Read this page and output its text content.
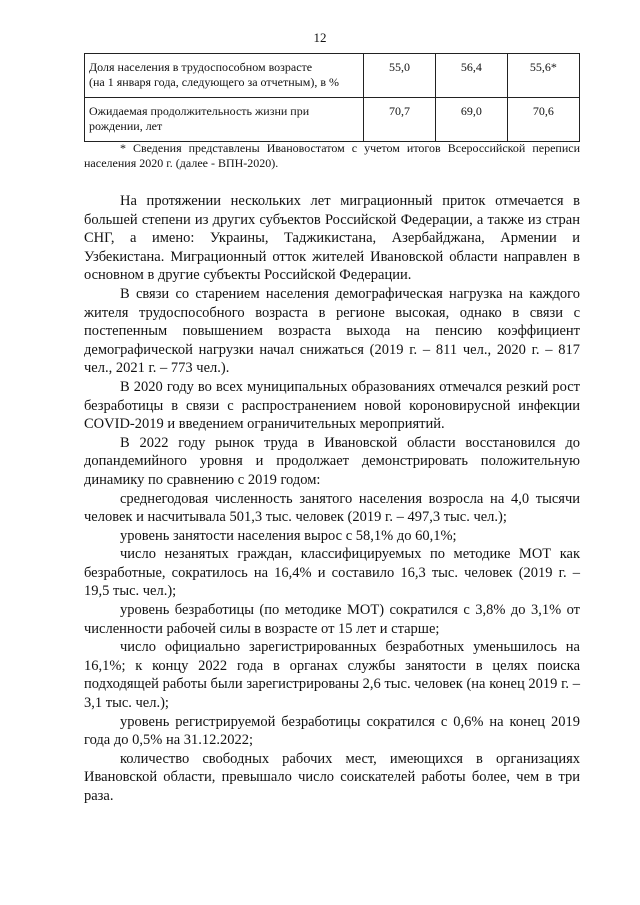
12
Доля населения в трудоспособном возрасте
(на 1 января года, следующего за отчетным), в %	55,0	56,4	55,6*
Ожидаемая продолжительность жизни при
рождении, лет	70,7	69,0	70,6
* Сведения представлены Ивановостатом с учетом итогов Всероссийской переписи населения 2020 г. (далее - ВПН-2020).

На протяжении нескольких лет миграционный приток отмечается в большей степени из других субъектов Российской Федерации, а также из стран СНГ, а имено: Украины, Таджикистана, Азербайджана, Армении и Узбекистана. Миграционный отток жителей Ивановской области направлен в основном в другие субъекты Российской Федерации.

В связи со старением населения демографическая нагрузка на каждого жителя трудоспособного возраста в регионе высокая, однако в связи с постепенным повышением возраста выхода на пенсию коэффициент демографической нагрузки начал снижаться (2019 г. – 811 чел., 2020 г. – 817 чел., 2021 г. – 773 чел.).

В 2020 году во всех муниципальных образованиях отмечался резкий рост безработицы в связи с распространением новой короновирусной инфекции COVID-2019 и введением ограничительных мероприятий.

В 2022 году рынок труда в Ивановской области восстановился до допандемийного уровня и продолжает демонстрировать положительную динамику по сравнению с 2019 годом:

среднегодовая численность занятого населения возросла на 4,0 тысячи человек и насчитывала 501,3 тыс. человек (2019 г. – 497,3 тыс. чел.);

уровень занятости населения вырос с 58,1% до 60,1%;

число незанятых граждан, классифицируемых по методике МОТ как безработные, сократилось на 16,4% и составило 16,3 тыс. человек (2019 г. – 19,5 тыс. чел.);

уровень безработицы (по методике МОТ) сократился с 3,8% до 3,1% от численности рабочей силы в возрасте от 15 лет и старше;

число официально зарегистрированных безработных уменьшилось на 16,1%; к концу 2022 года в органах службы занятости в целях поиска подходящей работы были зарегистрированы 2,6 тыс. человек (на конец 2019 г. – 3,1 тыс. чел.);

уровень регистрируемой безработицы сократился с 0,6% на конец 2019 года до 0,5% на 31.12.2022;

количество свободных рабочих мест, имеющихся в организациях Ивановской области, превышало число соискателей работы более, чем в три раза.
